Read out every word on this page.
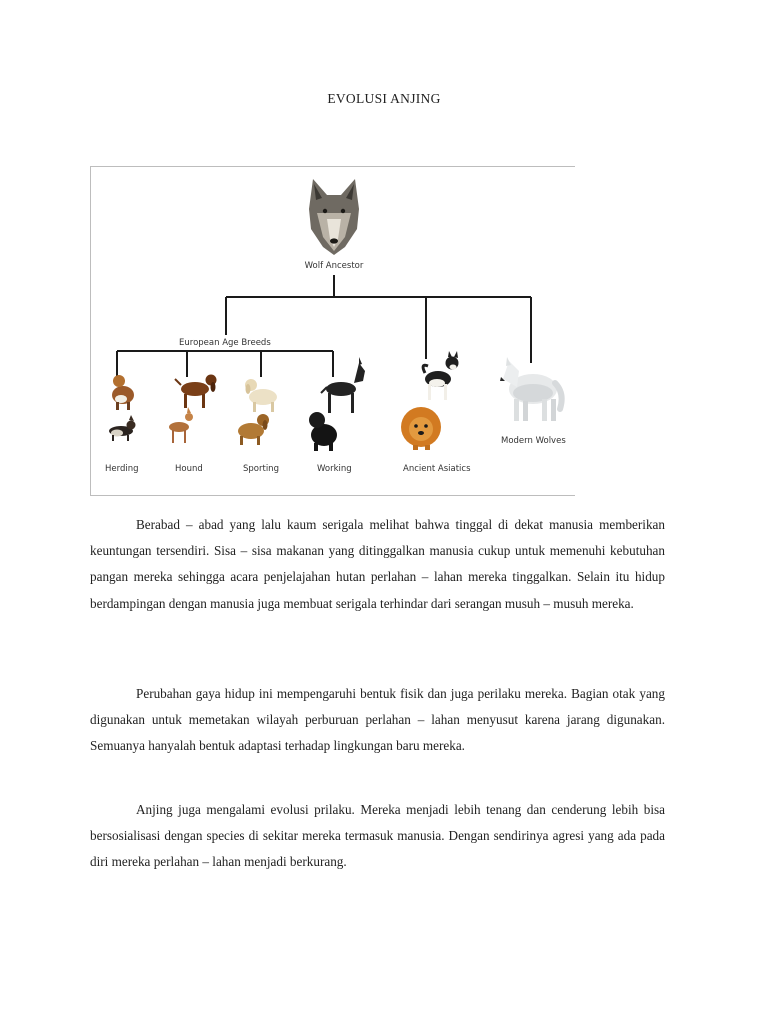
EVOLUSI ANJING
Wolf Ancestor
European Age Breeds
Herding	Hound	Sporting	Working	Ancient Asiatics
Modern Wolves

Berabad – abad yang lalu kaum serigala melihat bahwa tinggal di dekat manusia memberikan keuntungan tersendiri. Sisa – sisa makanan yang ditinggalkan manusia cukup untuk memenuhi kebutuhan pangan mereka sehingga acara penjelajahan hutan perlahan – lahan mereka tinggalkan. Selain itu hidup berdampingan dengan manusia juga membuat serigala terhindar dari serangan musuh – musuh mereka.

Perubahan gaya hidup ini mempengaruhi bentuk fisik dan juga perilaku mereka. Bagian otak yang digunakan untuk memetakan wilayah perburuan perlahan – lahan menyusut karena jarang digunakan. Semuanya hanyalah bentuk adaptasi terhadap lingkungan baru mereka.

Anjing juga mengalami evolusi prilaku. Mereka menjadi lebih tenang dan cenderung lebih bisa bersosialisasi dengan species di sekitar mereka termasuk manusia. Dengan sendirinya agresi yang ada pada diri mereka perlahan – lahan menjadi berkurang.
